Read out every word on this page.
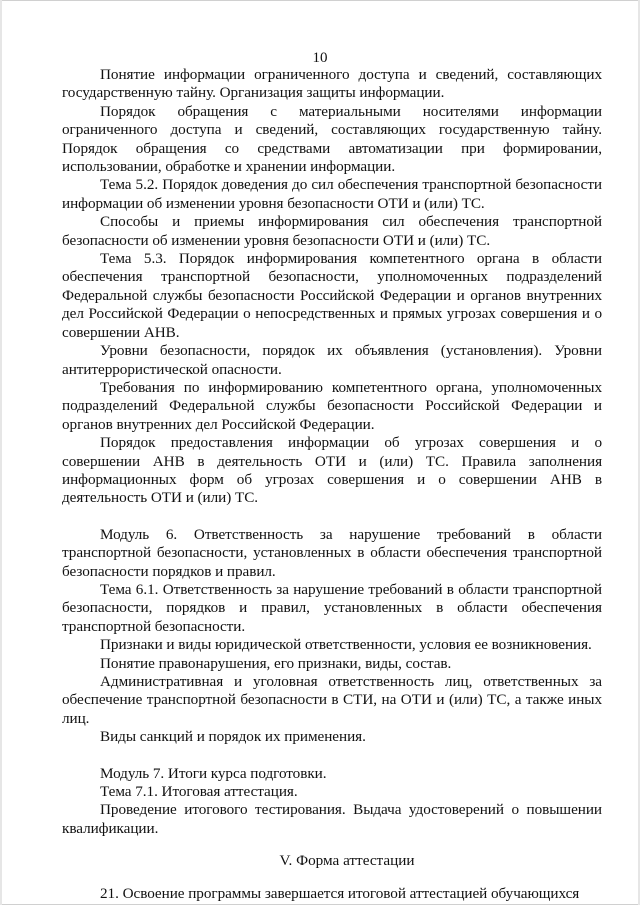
10

Понятие информации ограниченного доступа и сведений, составляющих государственную тайну. Организация защиты информации.

Порядок обращения с материальными носителями информации ограниченного доступа и сведений, составляющих государственную тайну. Порядок обращения со средствами автоматизации при формировании, использовании, обработке и хранении информации.

Тема 5.2. Порядок доведения до сил обеспечения транспортной безопасности информации об изменении уровня безопасности ОТИ и (или) ТС.

Способы и приемы информирования сил обеспечения транспортной безопасности об изменении уровня безопасности ОТИ и (или) ТС.

Тема 5.3. Порядок информирования компетентного органа в области обеспечения транспортной безопасности, уполномоченных подразделений Федеральной службы безопасности Российской Федерации и органов внутренних дел Российской Федерации о непосредственных и прямых угрозах совершения и о совершении АНВ.

Уровни безопасности, порядок их объявления (установления). Уровни антитеррористической опасности.

Требования по информированию компетентного органа, уполномоченных подразделений Федеральной службы безопасности Российской Федерации и органов внутренних дел Российской Федерации.

Порядок предоставления информации об угрозах совершения и о совершении АНВ в деятельность ОТИ и (или) ТС. Правила заполнения информационных форм об угрозах совершения и о совершении АНВ в деятельность ОТИ и (или) ТС.

Модуль 6. Ответственность за нарушение требований в области транспортной безопасности, установленных в области обеспечения транспортной безопасности порядков и правил.

Тема 6.1. Ответственность за нарушение требований в области транспортной безопасности, порядков и правил, установленных в области обеспечения транспортной безопасности.

Признаки и виды юридической ответственности, условия ее возникновения.

Понятие правонарушения, его признаки, виды, состав.

Административная и уголовная ответственность лиц, ответственных за обеспечение транспортной безопасности в СТИ, на ОТИ и (или) ТС, а также иных лиц.

Виды санкций и порядок их применения.

Модуль 7. Итоги курса подготовки.

Тема 7.1. Итоговая аттестация.

Проведение итогового тестирования. Выдача удостоверений о повышении квалификации.

V. Форма аттестации

21. Освоение программы завершается итоговой аттестацией обучающихся
